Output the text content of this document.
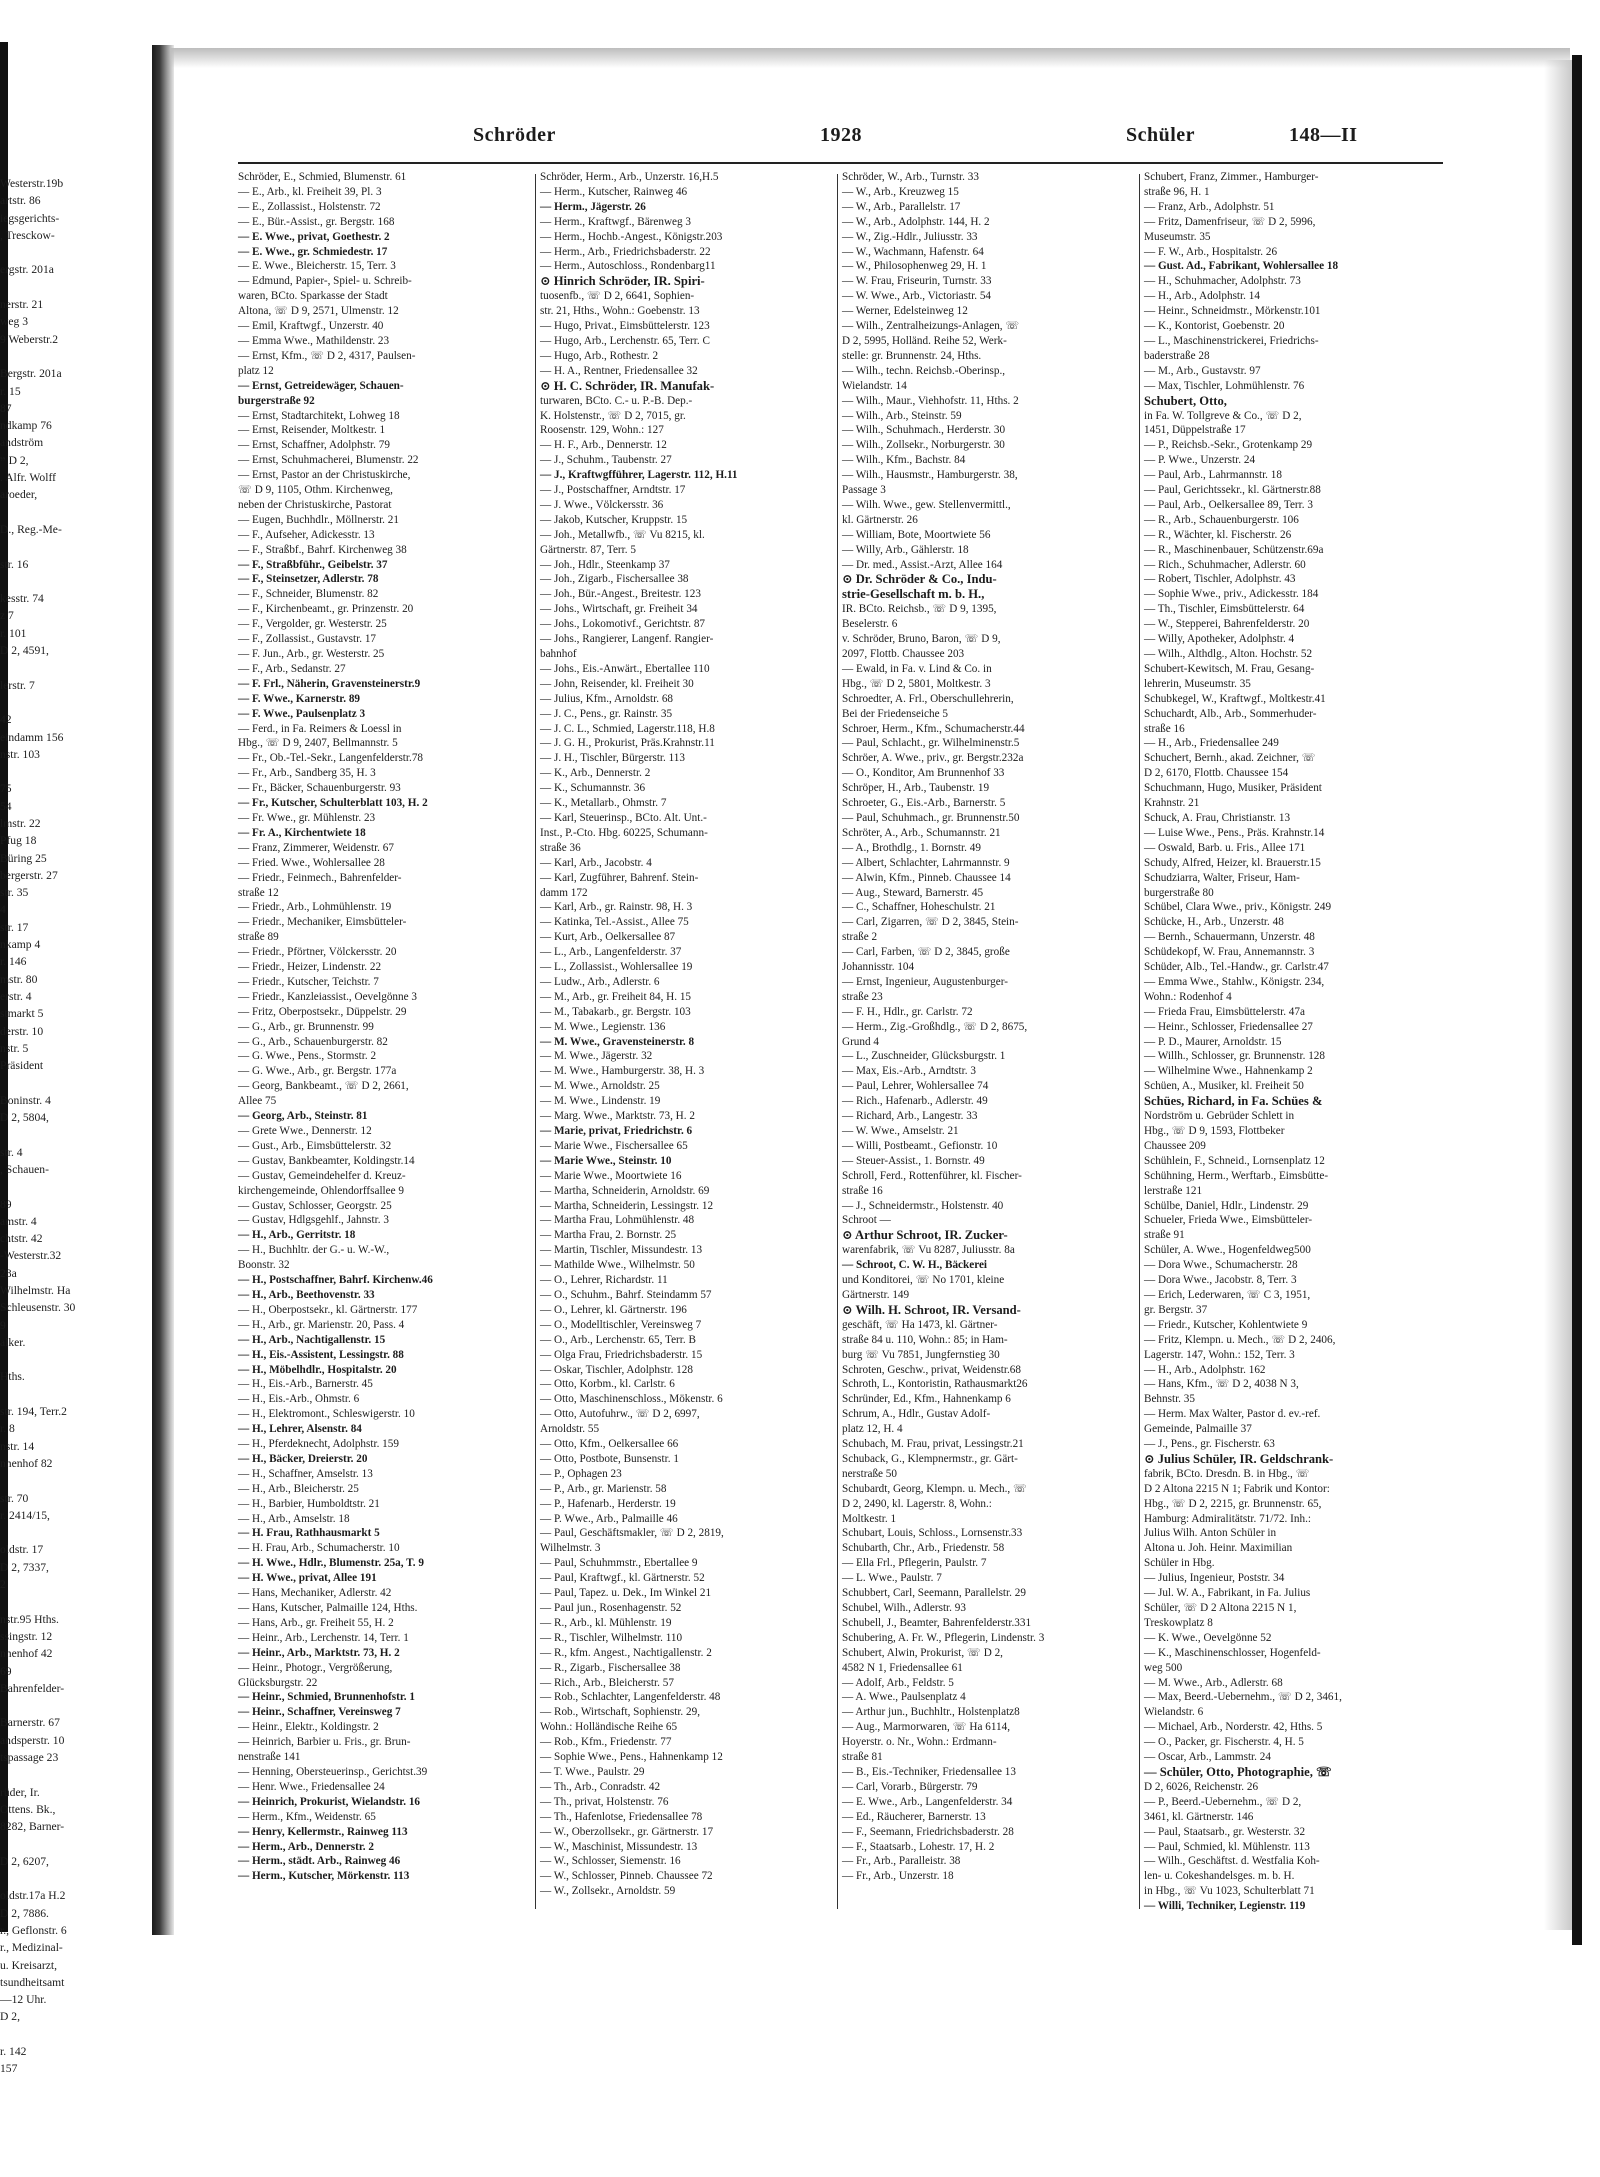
Westerstr.19b
artstr. 86
iegsgerichts-
, Tresckow-

ergstr. 201a

nerstr. 21
weg 3
9 Weberstr.2

Bergstr. 201a
r. 15
87
ndkamp 76
andström
ײ D 2,
. Alfr. Wolff
aroeder,

D., Reg.-Me-

str. 16

kesstr. 74
z 7
r. 101
D 2, 4591,

lerstr. 7

42
eindamm 156
nstr. 103

75
54
lmstr. 22
Pfug 18
Büring 25
bergerstr. 27
str. 35
4
str. 17
nkamp 4
r. 146
mstr. 80
erstr. 4
stmarkt 5
derstr. 10
nstr. 5
Präsident

Boninstr. 4
D 2, 5804,

str. 4
, Schauen-

89
amstr. 4
chtstr. 42
-Westerstr.32
28a
Wilhelmstr. Ha
Schleusenstr. 30
9
alker.

Hths.

str. 194, Terr.2
r. 8
nstr. 14
nnenhof 82

str. 70
r. 2414/15,

oldstr. 17
D 2, 7337,
2

nstr.95 Hths.
ssingstr. 12
nnenhof 42
69
Bahrenfelder-

Barnerstr. 67
andsperstr. 10
tspassage 23

rüder, Ir.
Ottens. Bk.,
8282, Barner-

D 2, 6207,

oldstr.17a H.2
D 2, 7886.
r., Geflonstr. 6
r., Medizinal-
u. Kreisarzt,
tsundheitsamt
—12 Uhr.
D 2,

r. 142
157
Schröder	1928	Schüler	148—II
Schröder, E., Schmied, Blumenstr. 61
— E., Arb., kl. Freiheit 39, Pl. 3
— E., Zollassist., Holstenstr. 72
— E., Bür.-Assist., gr. Bergstr. 168
— E. Wwe., privat, Goethestr. 2
— E. Wwe., gr. Schmiedestr. 17
— E. Wwe., Bleicherstr. 15, Terr. 3
— Edmund, Papier-, Spiel- u. Schreib-
waren, BCto. Sparkasse der Stadt
Altona, ☏ D 9, 2571, Ulmenstr. 12
— Emil, Kraftwgf., Unzerstr. 40
— Emma Wwe., Mathildenstr. 23
— Ernst, Kfm., ☏ D 2, 4317, Paulsen-
platz 12
— Ernst, Getreidewäger, Schauen-
burgerstraße 92
— Ernst, Stadtarchitekt, Lohweg 18
— Ernst, Reisender, Moltkestr. 1
— Ernst, Schaffner, Adolphstr. 79
— Ernst, Schuhmacherei, Blumenstr. 22
— Ernst, Pastor an der Christuskirche,
☏ D 9, 1105, Othm. Kirchenweg,
neben der Christuskirche, Pastorat
— Eugen, Buchhdlr., Möllnerstr. 21
— F., Aufseher, Adickesstr. 13
— F., Straßbf., Bahrf. Kirchenweg 38
— F., Straßbführ., Geibelstr. 37
— F., Steinsetzer, Adlerstr. 78
— F., Schneider, Blumenstr. 82
— F., Kirchenbeamt., gr. Prinzenstr. 20
— F., Vergolder, gr. Westerstr. 25
— F., Zollassist., Gustavstr. 17
— F. Jun., Arb., gr. Westerstr. 25
— F., Arb., Sedanstr. 27
— F. Frl., Näherin, Gravensteinerstr.9
— F. Wwe., Karnerstr. 89
— F. Wwe., Paulsenplatz 3
— Ferd., in Fa. Reimers & Loessl in
Hbg., ☏ D 9, 2407, Bellmannstr. 5
— Fr., Ob.-Tel.-Sekr., Langenfelderstr.78
— Fr., Arb., Sandberg 35, H. 3
— Fr., Bäcker, Schauenburgerstr. 93
— Fr., Kutscher, Schulterblatt 103, H. 2
— Fr. Wwe., gr. Mühlenstr. 23
— Fr. A., Kirchentwiete 18
— Franz, Zimmerer, Weidenstr. 67
— Fried. Wwe., Wohlersallee 28
— Friedr., Feinmech., Bahrenfelder-
straße 12
— Friedr., Arb., Lohmühlenstr. 19
— Friedr., Mechaniker, Eimsbütteler-
straße 89
— Friedr., Pförtner, Völckersstr. 20
— Friedr., Heizer, Lindenstr. 22
— Friedr., Kutscher, Teichstr. 7
— Friedr., Kanzleiassist., Oevelgönne 3
— Fritz, Oberpostsekr., Düppelstr. 29
— G., Arb., gr. Brunnenstr. 99
— G., Arb., Schauenburgerstr. 82
— G. Wwe., Pens., Stormstr. 2
— G. Wwe., Arb., gr. Bergstr. 177a
— Georg, Bankbeamt., ☏ D 2, 2661,
Allee 75
— Georg, Arb., Steinstr. 81
— Grete Wwe., Dennerstr. 12
— Gust., Arb., Eimsbüttelerstr. 32
— Gustav, Bankbeamter, Koldingstr.14
— Gustav, Gemeindehelfer d. Kreuz-
kirchengemeinde, Ohlendorffsallee 9
— Gustav, Schlosser, Georgstr. 25
— Gustav, Hdlgsgehlf., Jahnstr. 3
— H., Arb., Gerritstr. 18
— H., Buchhltr. der G.- u. W.-W.,
Boonstr. 32
— H., Postschaffner, Bahrf. Kirchenw.46
— H., Arb., Beethovenstr. 33
— H., Oberpostsekr., kl. Gärtnerstr. 177
— H., Arb., gr. Marienstr. 20, Pass. 4
— H., Arb., Nachtigallenstr. 15
— H., Eis.-Assistent, Lessingstr. 88
— H., Möbelhdlr., Hospitalstr. 20
— H., Eis.-Arb., Barnerstr. 45
— H., Eis.-Arb., Ohmstr. 6
— H., Elektromont., Schleswigerstr. 10
— H., Lehrer, Alsenstr. 84
— H., Pferdeknecht, Adolphstr. 159
— H., Bäcker, Dreierstr. 20
— H., Schaffner, Amselstr. 13
— H., Arb., Bleicherstr. 25
— H., Barbier, Humboldtstr. 21
— H., Arb., Amselstr. 18
— H. Frau, Rathhausmarkt 5
— H. Frau, Arb., Schumacherstr. 10
— H. Wwe., Hdlr., Blumenstr. 25a, T. 9
— H. Wwe., privat, Allee 191
— Hans, Mechaniker, Adlerstr. 42
— Hans, Kutscher, Palmaille 124, Hths.
— Hans, Arb., gr. Freiheit 55, H. 2
— Heinr., Arb., Lerchenstr. 14, Terr. 1
— Heinr., Arb., Marktstr. 73, H. 2
— Heinr., Photogr., Vergrößerung,
Glücksburgstr. 22
— Heinr., Schmied, Brunnenhofstr. 1
— Heinr., Schaffner, Vereinsweg 7
— Heinr., Elektr., Koldingstr. 2
— Heinrich, Barbier u. Fris., gr. Brun-
nenstraße 141
— Henning, Obersteuerinsp., Gerichtst.39
— Henr. Wwe., Friedensallee 24
— Heinrich, Prokurist, Wielandstr. 16
— Herm., Kfm., Weidenstr. 65
— Henry, Kellermstr., Rainweg 113
— Herm., Arb., Dennerstr. 2
— Herm., städt. Arb., Rainweg 46
— Herm., Kutscher, Mörkenstr. 113
Schröder, Herm., Arb., Unzerstr. 16,H.5
— Herm., Kutscher, Rainweg 46
— Herm., Jägerstr. 26
— Herm., Kraftwgf., Bärenweg 3
— Herm., Hochb.-Angest., Königstr.203
— Herm., Arb., Friedrichsbaderstr. 22
— Herm., Autoschloss., Rondenbarg11
⊙ Hinrich Schröder, IR. Spiri-
tuosenfb., ☏ D 2, 6641, Sophien-
str. 21, Hths., Wohn.: Goebenstr. 13
— Hugo, Privat., Eimsbüttelerstr. 123
— Hugo, Arb., Lerchenstr. 65, Terr. C
— Hugo, Arb., Rothestr. 2
— H. A., Rentner, Friedensallee 32
⊙ H. C. Schröder, IR. Manufak-
turwaren, BCto. C.- u. P.-B. Dep.-
K. Holstenstr., ☏ D 2, 7015, gr.
Roosenstr. 129, Wohn.: 127
— H. F., Arb., Dennerstr. 12
— J., Schuhm., Taubenstr. 27
— J., Kraftwgfführer, Lagerstr. 112, H.11
— J., Postschaffner, Arndtstr. 17
— J. Wwe., Völckersstr. 36
— Jakob, Kutscher, Kruppstr. 15
— Joh., Metallwfb., ☏ Vu 8215, kl.
Gärtnerstr. 87, Terr. 5
— Joh., Hdlr., Steenkamp 37
— Joh., Zigarb., Fischersallee 38
— Joh., Bür.-Angest., Breitestr. 123
— Johs., Wirtschaft, gr. Freiheit 34
— Johs., Lokomotivf., Gerichtstr. 87
— Johs., Rangierer, Langenf. Rangier-
bahnhof
— Johs., Eis.-Anwärt., Ebertallee 110
— John, Reisender, kl. Freiheit 30
— Julius, Kfm., Arnoldstr. 68
— J. C., Pens., gr. Rainstr. 35
— J. C. L., Schmied, Lagerstr.118, H.8
— J. G. H., Prokurist, Präs.Krahnstr.11
— J. H., Tischler, Bürgerstr. 113
— K., Arb., Dennerstr. 2
— K., Schumannstr. 36
— K., Metallarb., Ohmstr. 7
— Karl, Steuerinsp., BCto. Alt. Unt.-
Inst., P.-Cto. Hbg. 60225, Schumann-
straße 36
— Karl, Arb., Jacobstr. 4
— Karl, Zugführer, Bahrenf. Stein-
damm 172
— Karl, Arb., gr. Rainstr. 98, H. 3
— Katinka, Tel.-Assist., Allee 75
— Kurt, Arb., Oelkersallee 87
— L., Arb., Langenfelderstr. 37
— L., Zollassist., Wohlersallee 19
— Ludw., Arb., Adlerstr. 6
— M., Arb., gr. Freiheit 84, H. 15
— M., Tabakarb., gr. Bergstr. 103
— M. Wwe., Legienstr. 136
— M. Wwe., Gravensteinerstr. 8
— M. Wwe., Jägerstr. 32
— M. Wwe., Hamburgerstr. 38, H. 3
— M. Wwe., Arnoldstr. 25
— M. Wwe., Lindenstr. 19
— Marg. Wwe., Marktstr. 73, H. 2
— Marie, privat, Friedrichstr. 6
— Marie Wwe., Fischersallee 65
— Marie Wwe., Steinstr. 10
— Marie Wwe., Moortwiete 16
— Martha, Schneiderin, Arnoldstr. 69
— Martha, Schneiderin, Lessingstr. 12
— Martha Frau, Lohmühlenstr. 48
— Martha Frau, 2. Bornstr. 25
— Martin, Tischler, Missundestr. 13
— Mathilde Wwe., Wilhelmstr. 50
— O., Lehrer, Richardstr. 11
— O., Schuhm., Bahrf. Steindamm 57
— O., Lehrer, kl. Gärtnerstr. 196
— O., Modelltischler, Vereinsweg 7
— O., Arb., Lerchenstr. 65, Terr. B
— Olga Frau, Friedrichsbaderstr. 15
— Oskar, Tischler, Adolphstr. 128
— Otto, Korbm., kl. Carlstr. 6
— Otto, Maschinenschloss., Mökenstr. 6
— Otto, Autofuhrw., ☏ D 2, 6997,
Arnoldstr. 55
— Otto, Kfm., Oelkersallee 66
— Otto, Postbote, Bunsenstr. 1
— P., Ophagen 23
— P., Arb., gr. Marienstr. 58
— P., Hafenarb., Herderstr. 19
— P. Wwe., Arb., Palmaille 46
— Paul, Geschäftsmakler, ☏ D 2, 2819,
Wilhelmstr. 3
— Paul, Schuhmmstr., Ebertallee 9
— Paul, Kraftwgf., kl. Gärtnerstr. 52
— Paul, Tapez. u. Dek., Im Winkel 21
— Paul jun., Rosenhagenstr. 52
— R., Arb., kl. Mühlenstr. 19
— R., Tischler, Wilhelmstr. 110
— R., kfm. Angest., Nachtigallenstr. 2
— R., Zigarb., Fischersallee 38
— Rich., Arb., Bleicherstr. 57
— Rob., Schlachter, Langenfelderstr. 48
— Rob., Wirtschaft, Sophienstr. 29,
Wohn.: Holländische Reihe 65
— Rob., Kfm., Friedenstr. 77
— Sophie Wwe., Pens., Hahnenkamp 12
— T. Wwe., Paulstr. 29
— Th., Arb., Conradstr. 42
— Th., privat, Holstenstr. 76
— Th., Hafenlotse, Friedensallee 78
— W., Oberzollsekr., gr. Gärtnerstr. 17
— W., Maschinist, Missundestr. 13
— W., Schlosser, Siemenstr. 16
— W., Schlosser, Pinneb. Chaussee 72
— W., Zollsekr., Arnoldstr. 59
Schröder, W., Arb., Turnstr. 33
— W., Arb., Kreuzweg 15
— W., Arb., Parallelstr. 17
— W., Arb., Adolphstr. 144, H. 2
— W., Zig.-Hdlr., Juliusstr. 33
— W., Wachmann, Hafenstr. 64
— W., Philosophenweg 29, H. 1
— W. Frau, Friseurin, Turnstr. 33
— W. Wwe., Arb., Victoriastr. 54
— Werner, Edelsteinweg 12
— Wilh., Zentralheizungs-Anlagen, ☏
D 2, 5995, Holländ. Reihe 52, Werk-
stelle: gr. Brunnenstr. 24, Hths.
— Wilh., techn. Reichsb.-Oberinsp.,
Wielandstr. 14
— Wilh., Maur., Viehhofstr. 11, Hths. 2
— Wilh., Arb., Steinstr. 59
— Wilh., Schuhmach., Herderstr. 30
— Wilh., Zollsekr., Norburgerstr. 30
— Wilh., Kfm., Bachstr. 84
— Wilh., Hausmstr., Hamburgerstr. 38,
Passage 3
— Wilh. Wwe., gew. Stellenvermittl.,
kl. Gärtnerstr. 26
— William, Bote, Moortwiete 56
— Willy, Arb., Gählerstr. 18
— Dr. med., Assist.-Arzt, Allee 164
⊙ Dr. Schröder & Co., Indu-
strie-Gesellschaft m. b. H.,
IR. BCto. Reichsb., ☏ D 9, 1395,
Beselerstr. 6
v. Schröder, Bruno, Baron, ☏ D 9,
2097, Flottb. Chaussee 203
— Ewald, in Fa. v. Lind & Co. in
Hbg., ☏ D 2, 5801, Moltkestr. 3
Schroedter, A. Frl., Oberschullehrerin,
Bei der Friedenseiche 5
Schroer, Herm., Kfm., Schumacherstr.44
— Paul, Schlacht., gr. Wilhelminenstr.5
Schröer, A. Wwe., priv., gr. Bergstr.232a
— O., Konditor, Am Brunnenhof 33
Schröper, H., Arb., Taubenstr. 19
Schroeter, G., Eis.-Arb., Barnerstr. 5
— Paul, Schuhmach., gr. Brunnenstr.50
Schröter, A., Arb., Schumannstr. 21
— A., Brothdlg., 1. Bornstr. 49
— Albert, Schlachter, Lahrmannstr. 9
— Alwin, Kfm., Pinneb. Chaussee 14
— Aug., Steward, Barnerstr. 45
— C., Schaffner, Hoheschulstr. 21
— Carl, Zigarren, ☏ D 2, 3845, Stein-
straße 2
— Carl, Farben, ☏ D 2, 3845, große
Johannisstr. 104
— Ernst, Ingenieur, Augustenburger-
straße 23
— F. H., Hdlr., gr. Carlstr. 72
— Herm., Zig.-Großhdlg., ☏ D 2, 8675,
Grund 4
— L., Zuschneider, Glücksburgstr. 1
— Max, Eis.-Arb., Arndtstr. 3
— Paul, Lehrer, Wohlersallee 74
— Rich., Hafenarb., Adlerstr. 49
— Richard, Arb., Langestr. 33
— W. Wwe., Amselstr. 21
— Willi, Postbeamt., Gefionstr. 10
— Steuer-Assist., 1. Bornstr. 49
Schroll, Ferd., Rottenführer, kl. Fischer-
straße 16
— J., Schneidermstr., Holstenstr. 40
Schroot —
⊙ Arthur Schroot, IR. Zucker-
warenfabrik, ☏ Vu 8287, Juliusstr. 8a
— Schroot, C. W. H., Bäckerei
und Konditorei, ☏ No 1701, kleine
Gärtnerstr. 149
⊙ Wilh. H. Schroot, IR. Versand-
geschäft, ☏ Ha 1473, kl. Gärtner-
straße 84 u. 110, Wohn.: 85; in Ham-
burg ☏ Vu 7851, Jungfernstieg 30
Schroten, Geschw., privat, Weidenstr.68
Schroth, L., Kontoristin, Rathausmarkt26
Schründer, Ed., Kfm., Hahnenkamp 6
Schrum, A., Hdlr., Gustav Adolf-
platz 12, H. 4
Schubach, M. Frau, privat, Lessingstr.21
Schuback, G., Klempnermstr., gr. Gärt-
nerstraße 50
Schubardt, Georg, Klempn. u. Mech., ☏
D 2, 2490, kl. Lagerstr. 8, Wohn.:
Moltkestr. 1
Schubart, Louis, Schloss., Lornsenstr.33
Schubarth, Chr., Arb., Friedenstr. 58
— Ella Frl., Pflegerin, Paulstr. 7
— L. Wwe., Paulstr. 7
Schubbert, Carl, Seemann, Parallelstr. 29
Schubel, Wilh., Adlerstr. 93
Schubell, J., Beamter, Bahrenfelderstr.331
Schubering, A. Fr. W., Pflegerin, Lindenstr. 3
Schubert, Alwin, Prokurist, ☏ D 2,
4582 N 1, Friedensallee 61
— Adolf, Arb., Feldstr. 5
— A. Wwe., Paulsenplatz 4
— Arthur jun., Buchhltr., Holstenplatz8
— Aug., Marmorwaren, ☏ Ha 6114,
Hoyerstr. o. Nr., Wohn.: Erdmann-
straße 81
— B., Eis.-Techniker, Friedensallee 13
— Carl, Vorarb., Bürgerstr. 79
— E. Wwe., Arb., Langenfelderstr. 34
— Ed., Räucherer, Barnerstr. 13
— F., Seemann, Friedrichsbaderstr. 28
— F., Staatsarb., Lohestr. 17, H. 2
— Fr., Arb., Paralleistr. 38
— Fr., Arb., Unzerstr. 18
Schubert, Franz, Zimmer., Hamburger-
straße 96, H. 1
— Franz, Arb., Adolphstr. 51
— Fritz, Damenfriseur, ☏ D 2, 5996,
Museumstr. 35
— F. W., Arb., Hospitalstr. 26
— Gust. Ad., Fabrikant, Wohlersallee 18
— H., Schuhmacher, Adolphstr. 73
— H., Arb., Adolphstr. 14
— Heinr., Schneidmstr., Mörkenstr.101
— K., Kontorist, Goebenstr. 20
— L., Maschinenstrickerei, Friedrichs-
baderstraße 28
— M., Arb., Gustavstr. 97
— Max, Tischler, Lohmühlenstr. 76
Schubert, Otto,
in Fa. W. Tollgreve & Co., ☏ D 2,
1451, Düppelstraße 17
— P., Reichsb.-Sekr., Grotenkamp 29
— P. Wwe., Unzerstr. 24
— Paul, Arb., Lahrmannstr. 18
— Paul, Gerichtssekr., kl. Gärtnerstr.88
— Paul, Arb., Oelkersallee 89, Terr. 3
— R., Arb., Schauenburgerstr. 106
— R., Wächter, kl. Fischerstr. 26
— R., Maschinenbauer, Schützenstr.69a
— Rich., Schuhmacher, Adlerstr. 60
— Robert, Tischler, Adolphstr. 43
— Sophie Wwe., priv., Adickesstr. 184
— Th., Tischler, Eimsbüttelerstr. 64
— W., Stepperei, Bahrenfelderstr. 20
— Willy, Apotheker, Adolphstr. 4
— Wilh., Althdlg., Alton. Hochstr. 52
Schubert-Kewitsch, M. Frau, Gesang-
lehrerin, Museumstr. 35
Schubkegel, W., Kraftwgf., Moltkestr.41
Schuchardt, Alb., Arb., Sommerhuder-
straße 16
— H., Arb., Friedensallee 249
Schuchert, Bernh., akad. Zeichner, ☏
D 2, 6170, Flottb. Chaussee 154
Schuchmann, Hugo, Musiker, Präsident
Krahnstr. 21
Schuck, A. Frau, Christianstr. 13
— Luise Wwe., Pens., Präs. Krahnstr.14
— Oswald, Barb. u. Fris., Allee 171
Schudy, Alfred, Heizer, kl. Brauerstr.15
Schudziarra, Walter, Friseur, Ham-
burgerstraße 80
Schübel, Clara Wwe., priv., Königstr. 249
Schücke, H., Arb., Unzerstr. 48
— Bernh., Schauermann, Unzerstr. 48
Schüdekopf, W. Frau, Annemannstr. 3
Schüder, Alb., Tel.-Handw., gr. Carlstr.47
— Emma Wwe., Stahlw., Königstr. 234,
Wohn.: Rodenhof 4
— Frieda Frau, Eimsbüttelerstr. 47a
— Heinr., Schlosser, Friedensallee 27
— P. D., Maurer, Arnoldstr. 15
— Willh., Schlosser, gr. Brunnenstr. 128
— Wilhelmine Wwe., Hahnenkamp 2
Schüen, A., Musiker, kl. Freiheit 50
Schües, Richard, in Fa. Schües &
Nordström u. Gebrüder Schlett in
Hbg., ☏ D 9, 1593, Flottbeker
Chaussee 209
Schühlein, F., Schneid., Lornsenplatz 12
Schühning, Herm., Werftarb., Eimsbütte-
lerstraße 121
Schülbe, Daniel, Hdlr., Lindenstr. 29
Schueler, Frieda Wwe., Eimsbütteler-
straße 91
Schüler, A. Wwe., Hogenfeldweg500
— Dora Wwe., Schumacherstr. 28
— Dora Wwe., Jacobstr. 8, Terr. 3
— Erich, Lederwaren, ☏ C 3, 1951,
gr. Bergstr. 37
— Friedr., Kutscher, Kohlentwiete 9
— Fritz, Klempn. u. Mech., ☏ D 2, 2406,
Lagerstr. 147, Wohn.: 152, Terr. 3
— H., Arb., Adolphstr. 162
— Hans, Kfm., ☏ D 2, 4038 N 3,
Behnstr. 35
— Herm. Max Walter, Pastor d. ev.-ref.
Gemeinde, Palmaille 37
— J., Pens., gr. Fischerstr. 63
⊙ Julius Schüler, IR. Geldschrank-
fabrik, BCto. Dresdn. B. in Hbg., ☏
D 2 Altona 2215 N 1; Fabrik und Kontor:
Hbg., ☏ D 2, 2215, gr. Brunnenstr. 65,
Hamburg: Admiralitätstr. 71/72. Inh.:
Julius Wilh. Anton Schüler in
Altona u. Joh. Heinr. Maximilian
Schüler in Hbg.
— Julius, Ingenieur, Poststr. 34
— Jul. W. A., Fabrikant, in Fa. Julius
Schüler, ☏ D 2 Altona 2215 N 1,
Treskowplatz 8
— K. Wwe., Oevelgönne 52
— K., Maschinenschlosser, Hogenfeld-
weg 500
— M. Wwe., Arb., Adlerstr. 68
— Max, Beerd.-Uebernehm., ☏ D 2, 3461,
Wielandstr. 6
— Michael, Arb., Norderstr. 42, Hths. 5
— O., Packer, gr. Fischerstr. 4, H. 5
— Oscar, Arb., Lammstr. 24
— Schüler, Otto, Photographie, ☏
D 2, 6026, Reichenstr. 26
— P., Beerd.-Uebernehm., ☏ D 2,
3461, kl. Gärtnerstr. 146
— Paul, Staatsarb., gr. Westerstr. 32
— Paul, Schmied, kl. Mühlenstr. 113
— Wilh., Geschäftst. d. Westfalia Koh-
len- u. Cokeshandelsges. m. b. H.
in Hbg., ☏ Vu 1023, Schulterblatt 71
— Willi, Techniker, Legienstr. 119
